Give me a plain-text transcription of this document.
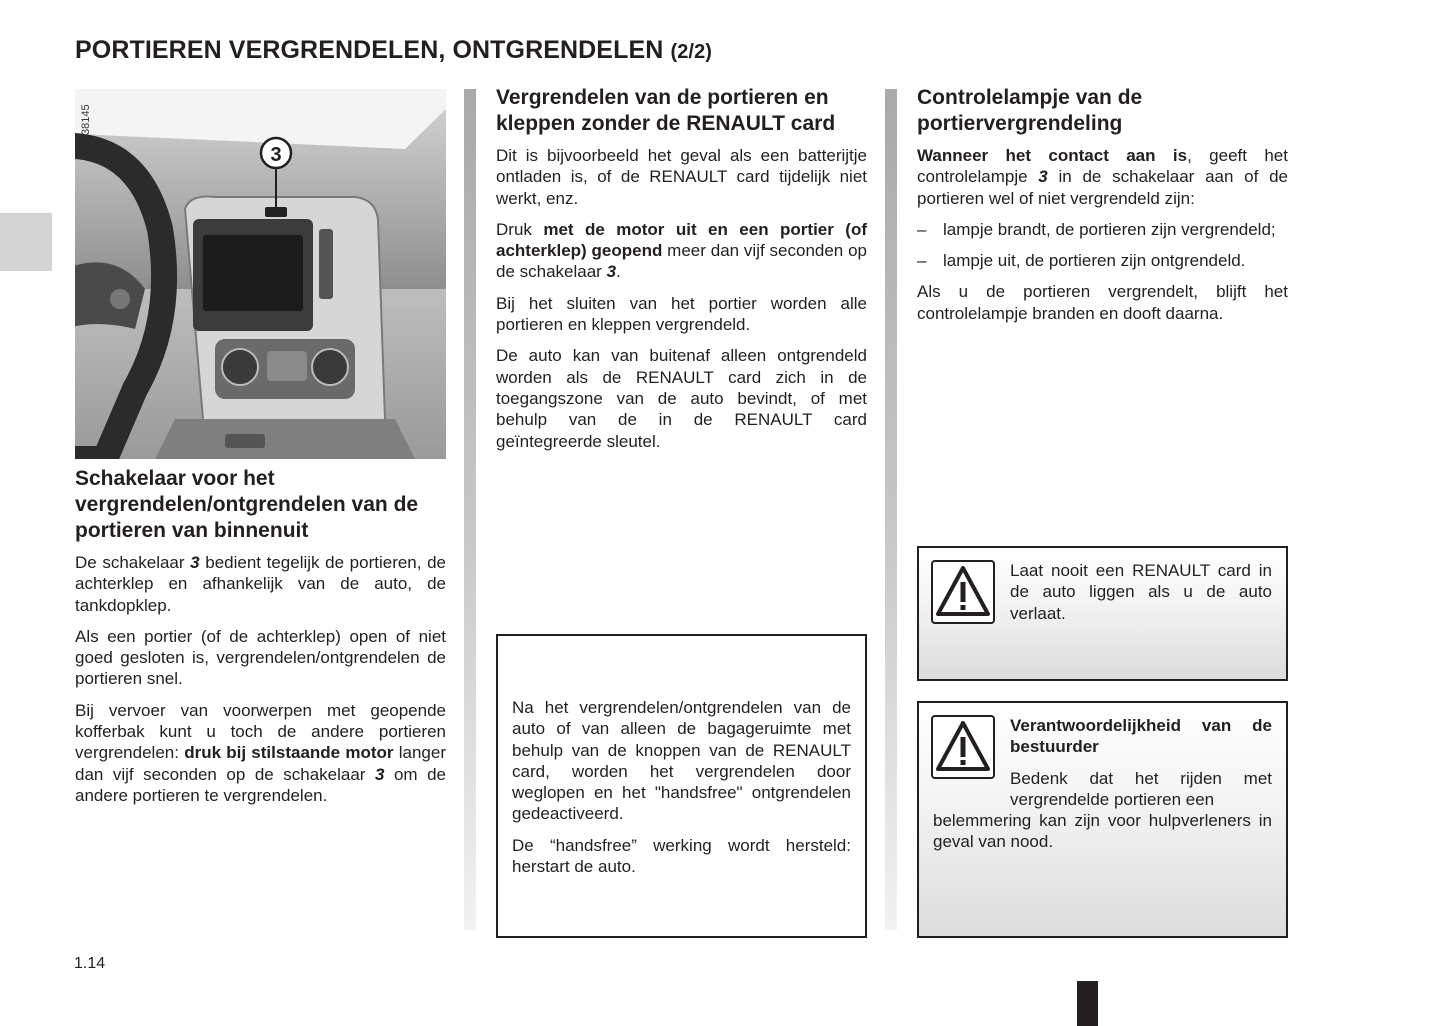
PORTIEREN VERGRENDELEN, ONTGRENDELEN (2/2)
3
38145
Schakelaar voor het vergrendelen/ontgrendelen van de portieren van binnenuit

De schakelaar 3 bedient tegelijk de portieren, de achterklep en afhankelijk van de auto, de tankdopklep.

Als een portier (of de achterklep) open of niet goed gesloten is, vergrendelen/ontgrendelen de portieren snel.

Bij vervoer van voorwerpen met geopende kofferbak kunt u toch de andere portieren vergrendelen: druk bij stilstaande motor langer dan vijf seconden op de schakelaar 3 om de andere portieren te vergrendelen.

Vergrendelen van de portieren en kleppen zonder de RENAULT card

Dit is bijvoorbeeld het geval als een batterijtje ontladen is, of de RENAULT card tijdelijk niet werkt, enz.

Druk met de motor uit en een portier (of achterklep) geopend meer dan vijf seconden op de schakelaar 3.

Bij het sluiten van het portier worden alle portieren en kleppen vergrendeld.

De auto kan van buitenaf alleen ontgrendeld worden als de RENAULT card zich in de toegangszone van de auto bevindt, of met behulp van de in de RENAULT card geïntegreerde sleutel.

Na het vergrendelen/ontgrendelen van de auto of van alleen de bagageruimte met behulp van de knoppen van de RENAULT card, worden het vergrendelen door weglopen en het "handsfree" ontgrendelen gedeactiveerd.

De “handsfree” werking wordt hersteld: herstart de auto.

Controlelampje van de portiervergrendeling

Wanneer het contact aan is, geeft het controlelampje 3 in de schakelaar aan of de portieren wel of niet vergrendeld zijn:

– lampje brandt, de portieren zijn vergrendeld;
– lampje uit, de portieren zijn ontgrendeld.

Als u de portieren vergrendelt, blijft het controlelampje branden en dooft daarna.

Laat nooit een RENAULT card in de auto liggen als u de auto verlaat.

Verantwoordelijkheid van de bestuurder

Bedenk dat het rijden met vergrendelde portieren een

belemmering kan zijn voor hulpverleners in geval van nood.

1.14
